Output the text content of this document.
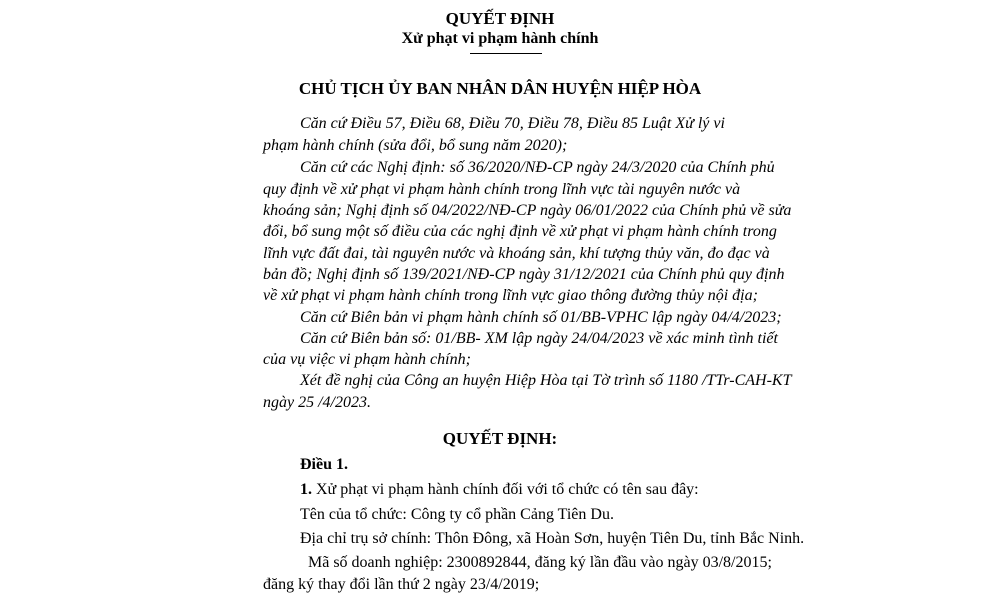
QUYẾT ĐỊNH
Xử phạt vi phạm hành chính
CHỦ TỊCH ỦY BAN NHÂN DÂN HUYỆN HIỆP HÒA
Căn cứ Điều 57, Điều 68, Điều 70, Điều 78, Điều 85 Luật Xử lý vi
phạm hành chính (sửa đổi, bổ sung năm 2020);
Căn cứ các Nghị định: số 36/2020/NĐ-CP ngày 24/3/2020 của Chính phủ
quy định về xử phạt vi phạm hành chính trong lĩnh vực tài nguyên nước và
khoáng sản; Nghị định số 04/2022/NĐ-CP ngày 06/01/2022 của Chính phủ về sửa
đổi, bổ sung một số điều của các nghị định về xử phạt vi phạm hành chính trong
lĩnh vực đất đai, tài nguyên nước và khoáng sản, khí tượng thủy văn, đo đạc và
bản đồ; Nghị định số 139/2021/NĐ-CP ngày 31/12/2021 của Chính phủ quy định
về xử phạt vi phạm hành chính trong lĩnh vực giao thông đường thủy nội địa;
Căn cứ Biên bản vi phạm hành chính số 01/BB-VPHC lập ngày 04/4/2023;
Căn cứ Biên bản số: 01/BB- XM lập ngày 24/04/2023 về xác minh tình tiết
của vụ việc vi phạm hành chính;
Xét đề nghị của Công an huyện Hiệp Hòa tại Tờ trình số 1180 /TTr-CAH-KT
ngày 25 /4/2023.
QUYẾT ĐỊNH:
Điều 1.
1. Xử phạt vi phạm hành chính đối với tổ chức có tên sau đây:
Tên của tổ chức: Công ty cổ phần Cảng Tiên Du.
Địa chỉ trụ sở chính: Thôn Đông, xã Hoàn Sơn, huyện Tiên Du, tỉnh Bắc Ninh.
Mã số doanh nghiệp: 2300892844, đăng ký lần đầu vào ngày 03/8/2015;
đăng ký thay đổi lần thứ 2 ngày 23/4/2019;
